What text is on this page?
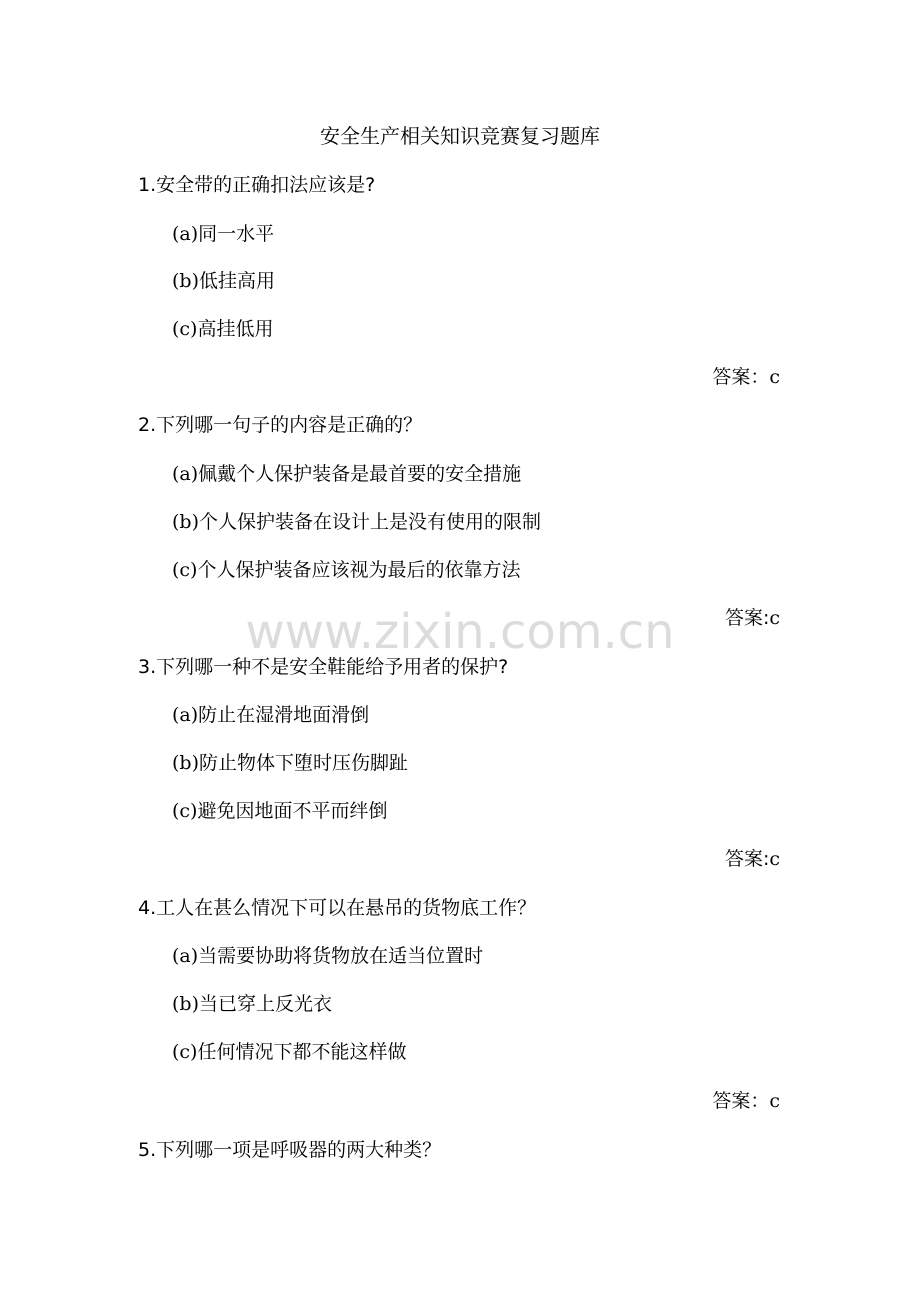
安全生产相关知识竞赛复习题库
1.安全带的正确扣法应该是?
(a)同一水平
(b)低挂高用
(c)高挂低用
答案：c
2.下列哪一句子的内容是正确的？
(a)佩戴个人保护装备是最首要的安全措施
(b)个人保护装备在设计上是没有使用的限制
(c)个人保护装备应该视为最后的依靠方法
答案:c
3.下列哪一种不是安全鞋能给予用者的保护?
(a)防止在湿滑地面滑倒
(b)防止物体下堕时压伤脚趾
(c)避免因地面不平而绊倒
答案:c
4.工人在甚么情况下可以在悬吊的货物底工作？
(a)当需要协助将货物放在适当位置时
(b)当已穿上反光衣
(c)任何情况下都不能这样做
答案：c
5.下列哪一项是呼吸器的两大种类？
www.zixin.com.cn
